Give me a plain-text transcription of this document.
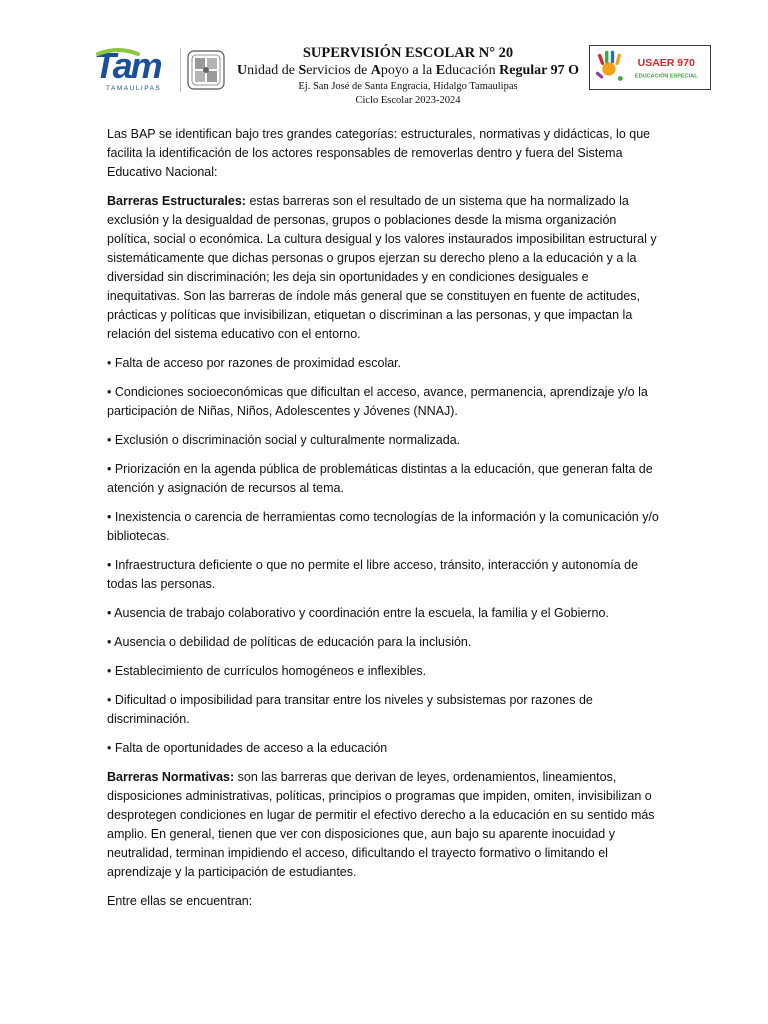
Tam
TAMAULIPAS
SUPERVISIÓN ESCOLAR N° 20
Unidad de Servicios de Apoyo a la Educación Regular 97 O
Ej. San José de Santa Engracia, Hidalgo Tamaulipas
Ciclo Escolar 2023-2024
USAER 970
EDUCACIÓN ESPECIAL

Las BAP se identifican bajo tres grandes categorías: estructurales, normativas y didácticas, lo que facilita la identificación de los actores responsables de removerlas dentro y fuera del Sistema Educativo Nacional:

Barreras Estructurales: estas barreras son el resultado de un sistema que ha normalizado la exclusión y la desigualdad de personas, grupos o poblaciones desde la misma organización política, social o económica. La cultura desigual y los valores instaurados imposibilitan estructural y sistemáticamente que dichas personas o grupos ejerzan su derecho pleno a la educación y a la diversidad sin discriminación; les deja sin oportunidades y en condiciones desiguales e inequitativas. Son las barreras de índole más general que se constituyen en fuente de actitudes, prácticas y políticas que invisibilizan, etiquetan o discriminan a las personas, y que impactan la relación del sistema educativo con el entorno.

• Falta de acceso por razones de proximidad escolar.

• Condiciones socioeconómicas que dificultan el acceso, avance, permanencia, aprendizaje y/o la participación de Niñas, Niños, Adolescentes y Jóvenes (NNAJ).

• Exclusión o discriminación social y culturalmente normalizada.

• Priorización en la agenda pública de problemáticas distintas a la educación, que generan falta de atención y asignación de recursos al tema.

• Inexistencia o carencia de herramientas como tecnologías de la información y la comunicación y/o bibliotecas.

• Infraestructura deficiente o que no permite el libre acceso, tránsito, interacción y autonomía de todas las personas.

• Ausencia de trabajo colaborativo y coordinación entre la escuela, la familia y el Gobierno.

• Ausencia o debilidad de políticas de educación para la inclusión.

• Establecimiento de currículos homogéneos e inflexibles.

• Dificultad o imposibilidad para transitar entre los niveles y subsistemas por razones de discriminación.

• Falta de oportunidades de acceso a la educación

Barreras Normativas: son las barreras que derivan de leyes, ordenamientos, lineamientos, disposiciones administrativas, políticas, principios o programas que impiden, omiten, invisibilizan o desprotegen condiciones en lugar de permitir el efectivo derecho a la educación en su sentido más amplio. En general, tienen que ver con disposiciones que, aun bajo su aparente inocuidad y neutralidad, terminan impidiendo el acceso, dificultando el trayecto formativo o limitando el aprendizaje y la participación de estudiantes.

Entre ellas se encuentran:
